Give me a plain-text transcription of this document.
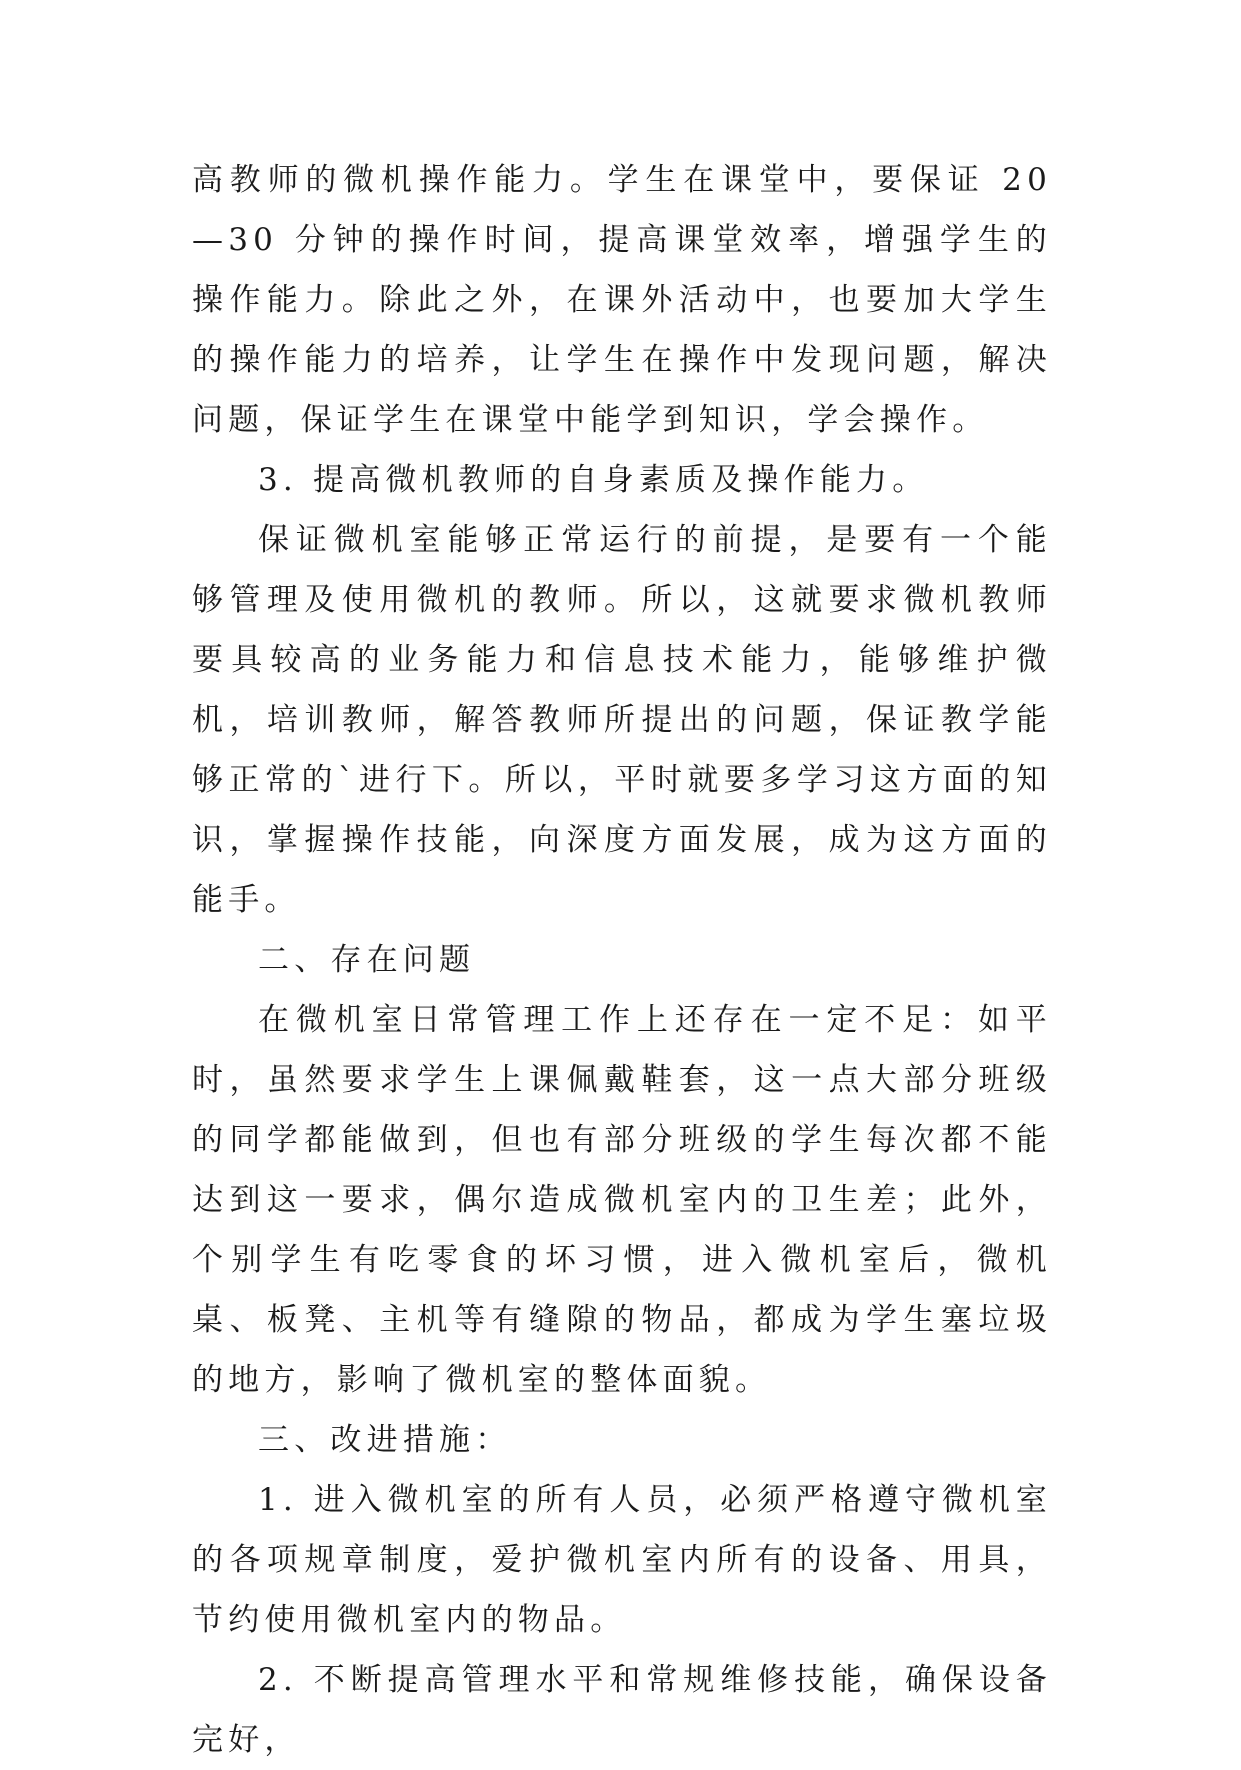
高教师的微机操作能力。学生在课堂中，要保证 20—30 分钟的操作时间，提高课堂效率，增强学生的操作能力。除此之外，在课外活动中，也要加大学生的操作能力的培养，让学生在操作中发现问题，解决问题，保证学生在课堂中能学到知识，学会操作。

3. 提高微机教师的自身素质及操作能力。

保证微机室能够正常运行的前提，是要有一个能够管理及使用微机的教师。所以，这就要求微机教师要具较高的业务能力和信息技术能力，能够维护微机，培训教师，解答教师所提出的问题，保证教学能够正常的`进行下。所以，平时就要多学习这方面的知识，掌握操作技能，向深度方面发展，成为这方面的能手。

二、存在问题

在微机室日常管理工作上还存在一定不足：如平时，虽然要求学生上课佩戴鞋套，这一点大部分班级的同学都能做到，但也有部分班级的学生每次都不能达到这一要求，偶尔造成微机室内的卫生差；此外，个别学生有吃零食的坏习惯，进入微机室后，微机桌、板凳、主机等有缝隙的物品，都成为学生塞垃圾的地方，影响了微机室的整体面貌。

三、改进措施：

1. 进入微机室的所有人员，必须严格遵守微机室的各项规章制度，爱护微机室内所有的设备、用具，节约使用微机室内的物品。

2. 不断提高管理水平和常规维修技能，确保设备完好，
